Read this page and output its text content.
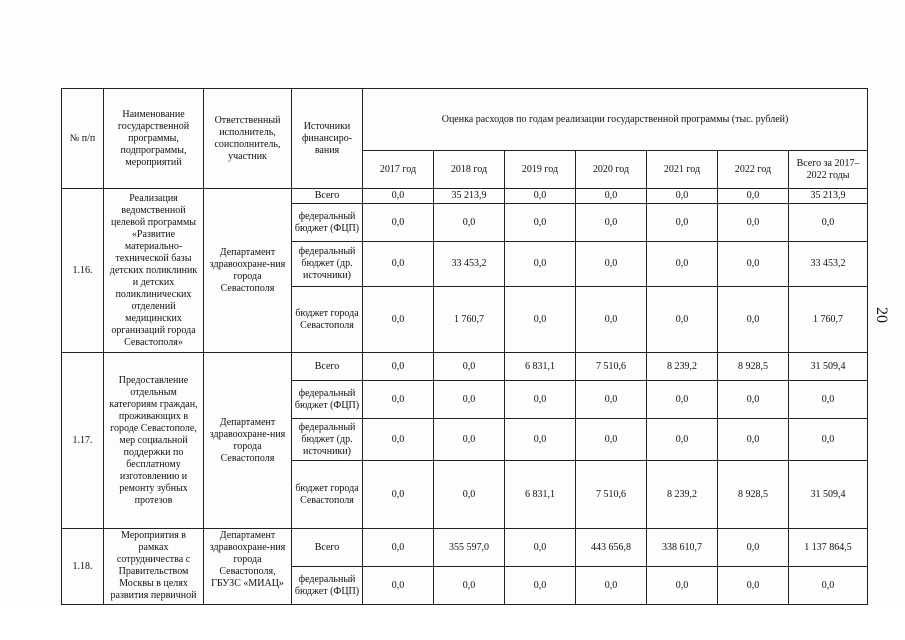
№ п/п	Наименование государственной программы, подпрограммы, мероприятий	Ответственный исполнитель, соисполнитель, участник	Источники финансиро-вания	Оценка расходов по годам реализации государственной программы (тыс. рублей)						
				2017 год	2018 год	2019 год	2020 год	2021 год	2022 год	Всего за 2017–2022 годы
1.16.	Реализация ведомственной целевой программы «Развитие материально-технической базы детских поликлиник и детских поликлинических отделений медицинских организаций города Севастополя»	Департамент здравоохране-ния города Севастополя	Всего	0,0	35 213,9	0,0	0,0	0,0	0,0	35 213,9
			федеральный бюджет (ФЦП)	0,0	0,0	0,0	0,0	0,0	0,0	0,0
			федеральный бюджет (др. источники)	0,0	33 453,2	0,0	0,0	0,0	0,0	33 453,2
			бюджет города Севастополя	0,0	1 760,7	0,0	0,0	0,0	0,0	1 760,7
1.17.	Предоставление отдельным категориям граждан, проживающих в городе Севастополе, мер социальной поддержки по бесплатному изготовлению и ремонту зубных протезов	Департамент здравоохране-ния города Севастополя	Всего	0,0	0,0	6 831,1	7 510,6	8 239,2	8 928,5	31 509,4
			федеральный бюджет (ФЦП)	0,0	0,0	0,0	0,0	0,0	0,0	0,0
			федеральный бюджет (др. источники)	0,0	0,0	0,0	0,0	0,0	0,0	0,0
			бюджет города Севастополя	0,0	0,0	6 831,1	7 510,6	8 239,2	8 928,5	31 509,4
1.18.	Мероприятия в рамках сотрудничества с Правительством Москвы в целях развития первичной	Департамент здравоохране-ния города Севастополя, ГБУЗС «МИАЦ»	Всего	0,0	355 597,0	0,0	443 656,8	338 610,7	0,0	1 137 864,5
			федеральный бюджет (ФЦП)	0,0	0,0	0,0	0,0	0,0	0,0	0,0
20
